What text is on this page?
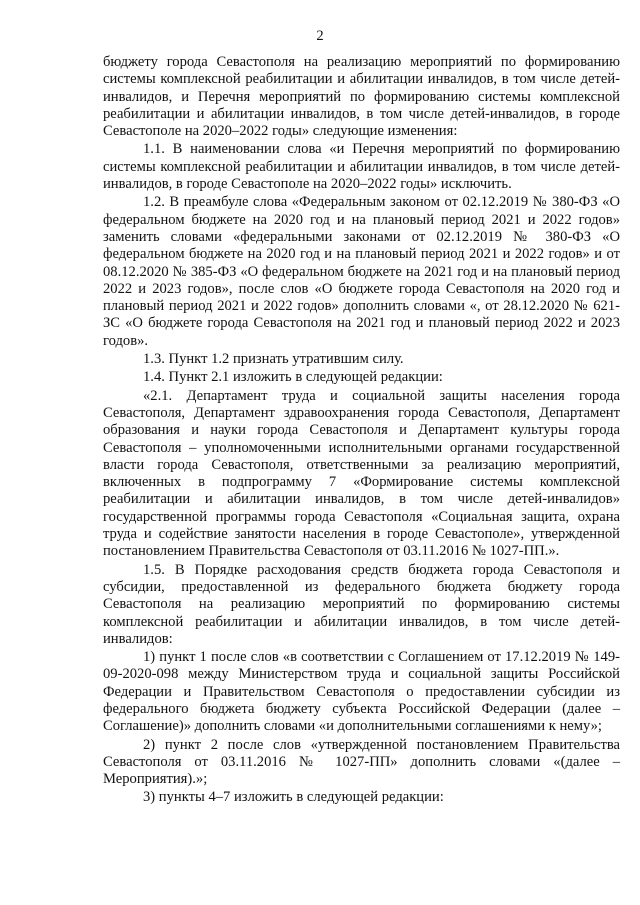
2

бюджету города Севастополя на реализацию мероприятий по формированию системы комплексной реабилитации и абилитации инвалидов, в том числе детей-инвалидов, и Перечня мероприятий по формированию системы комплексной реабилитации и абилитации инвалидов, в том числе детей-инвалидов, в городе Севастополе на 2020–2022 годы» следующие изменения:

1.1. В наименовании слова «и Перечня мероприятий по формированию системы комплексной реабилитации и абилитации инвалидов, в том числе детей-инвалидов, в городе Севастополе на 2020–2022 годы» исключить.

1.2. В преамбуле слова «Федеральным законом от 02.12.2019 № 380-ФЗ «О федеральном бюджете на 2020 год и на плановый период 2021 и 2022 годов» заменить словами «федеральными законами от 02.12.2019 № 380-ФЗ «О федеральном бюджете на 2020 год и на плановый период 2021 и 2022 годов» и от 08.12.2020 № 385-ФЗ «О федеральном бюджете на 2021 год и на плановый период 2022 и 2023 годов», после слов «О бюджете города Севастополя на 2020 год и плановый период 2021 и 2022 годов» дополнить словами «, от 28.12.2020 № 621-ЗС «О бюджете города Севастополя на 2021 год и плановый период 2022 и 2023 годов».

1.3. Пункт 1.2 признать утратившим силу.

1.4. Пункт 2.1 изложить в следующей редакции:

«2.1. Департамент труда и социальной защиты населения города Севастополя, Департамент здравоохранения города Севастополя, Департамент образования и науки города Севастополя и Департамент культуры города Севастополя – уполномоченными исполнительными органами государственной власти города Севастополя, ответственными за реализацию мероприятий, включенных в подпрограмму 7 «Формирование системы комплексной реабилитации и абилитации инвалидов, в том числе детей-инвалидов» государственной программы города Севастополя «Социальная защита, охрана труда и содействие занятости населения в городе Севастополе», утвержденной постановлением Правительства Севастополя от 03.11.2016 № 1027-ПП.».

1.5. В Порядке расходования средств бюджета города Севастополя и субсидии, предоставленной из федерального бюджета бюджету города Севастополя на реализацию мероприятий по формированию системы комплексной реабилитации и абилитации инвалидов, в том числе детей-инвалидов:

1) пункт 1 после слов «в соответствии с Соглашением от 17.12.2019 № 149-09-2020-098 между Министерством труда и социальной защиты Российской Федерации и Правительством Севастополя о предоставлении субсидии из федерального бюджета бюджету субъекта Российской Федерации (далее – Соглашение)» дополнить словами «и дополнительными соглашениями к нему»;

2) пункт 2 после слов «утвержденной постановлением Правительства Севастополя от 03.11.2016 № 1027-ПП» дополнить словами «(далее – Мероприятия).»;

3) пункты 4–7 изложить в следующей редакции:
